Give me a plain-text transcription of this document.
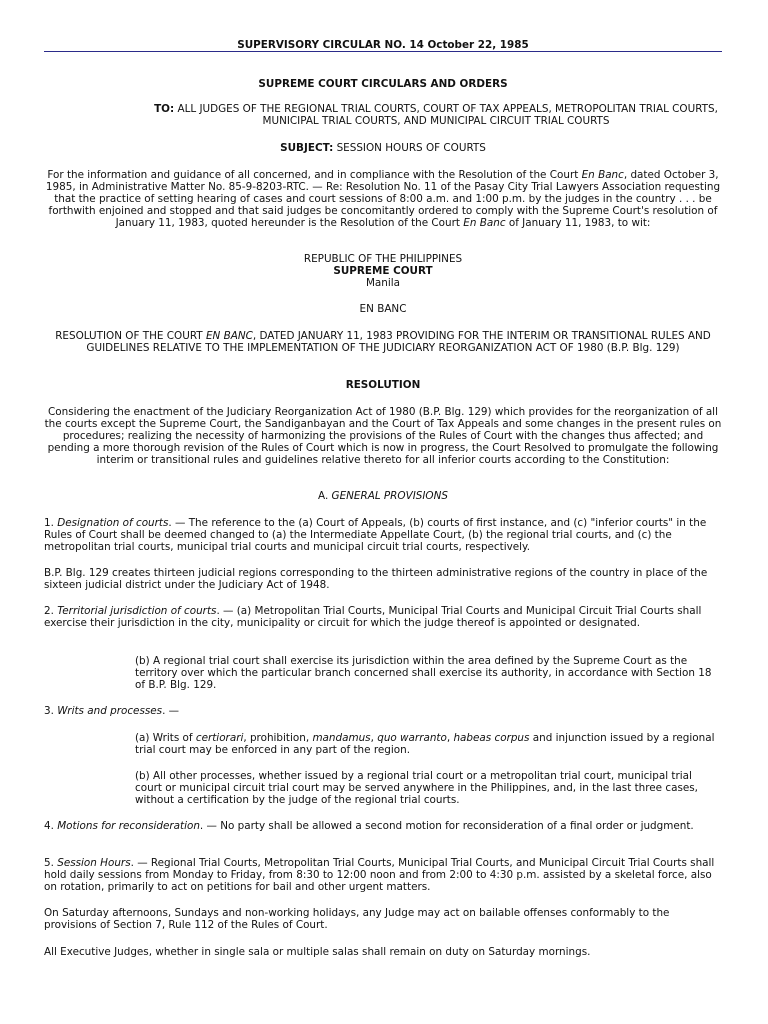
SUPERVISORY CIRCULAR NO. 14 October 22, 1985

SUPREME COURT CIRCULARS AND ORDERS

TO: ALL JUDGES OF THE REGIONAL TRIAL COURTS, COURT OF TAX APPEALS, METROPOLITAN TRIAL COURTS, MUNICIPAL TRIAL COURTS, AND MUNICIPAL CIRCUIT TRIAL COURTS

SUBJECT: SESSION HOURS OF COURTS

For the information and guidance of all concerned, and in compliance with the Resolution of the Court En Banc, dated October 3, 1985, in Administrative Matter No. 85-9-8203-RTC. — Re: Resolution No. 11 of the Pasay City Trial Lawyers Association requesting that the practice of setting hearing of cases and court sessions of 8:00 a.m. and 1:00 p.m. by the judges in the country . . . be forthwith enjoined and stopped and that said judges be concomitantly ordered to comply with the Supreme Court's resolution of January 11, 1983, quoted hereunder is the Resolution of the Court En Banc of January 11, 1983, to wit:

REPUBLIC OF THE PHILIPPINES
SUPREME COURT
Manila

EN BANC

RESOLUTION OF THE COURT EN BANC, DATED JANUARY 11, 1983 PROVIDING FOR THE INTERIM OR TRANSITIONAL RULES AND GUIDELINES RELATIVE TO THE IMPLEMENTATION OF THE JUDICIARY REORGANIZATION ACT OF 1980 (B.P. Blg. 129)

RESOLUTION

Considering the enactment of the Judiciary Reorganization Act of 1980 (B.P. Blg. 129) which provides for the reorganization of all the courts except the Supreme Court, the Sandiganbayan and the Court of Tax Appeals and some changes in the present rules on procedures; realizing the necessity of harmonizing the provisions of the Rules of Court with the changes thus affected; and pending a more thorough revision of the Rules of Court which is now in progress, the Court Resolved to promulgate the following interim or transitional rules and guidelines relative thereto for all inferior courts according to the Constitution:

A. GENERAL PROVISIONS

1. Designation of courts. — The reference to the (a) Court of Appeals, (b) courts of first instance, and (c) "inferior courts" in the Rules of Court shall be deemed changed to (a) the Intermediate Appellate Court, (b) the regional trial courts, and (c) the metropolitan trial courts, municipal trial courts and municipal circuit trial courts, respectively.

B.P. Blg. 129 creates thirteen judicial regions corresponding to the thirteen administrative regions of the country in place of the sixteen judicial district under the Judiciary Act of 1948.

2. Territorial jurisdiction of courts. — (a) Metropolitan Trial Courts, Municipal Trial Courts and Municipal Circuit Trial Courts shall exercise their jurisdiction in the city, municipality or circuit for which the judge thereof is appointed or designated.

(b) A regional trial court shall exercise its jurisdiction within the area defined by the Supreme Court as the territory over which the particular branch concerned shall exercise its authority, in accordance with Section 18 of B.P. Blg. 129.

3. Writs and processes. —

(a) Writs of certiorari, prohibition, mandamus, quo warranto, habeas corpus and injunction issued by a regional trial court may be enforced in any part of the region.

(b) All other processes, whether issued by a regional trial court or a metropolitan trial court, municipal trial court or municipal circuit trial court may be served anywhere in the Philippines, and, in the last three cases, without a certification by the judge of the regional trial courts.

4. Motions for reconsideration. — No party shall be allowed a second motion for reconsideration of a final order or judgment.

5. Session Hours. — Regional Trial Courts, Metropolitan Trial Courts, Municipal Trial Courts, and Municipal Circuit Trial Courts shall hold daily sessions from Monday to Friday, from 8:30 to 12:00 noon and from 2:00 to 4:30 p.m. assisted by a skeletal force, also on rotation, primarily to act on petitions for bail and other urgent matters.

On Saturday afternoons, Sundays and non-working holidays, any Judge may act on bailable offenses conformably to the provisions of Section 7, Rule 112 of the Rules of Court.

All Executive Judges, whether in single sala or multiple salas shall remain on duty on Saturday mornings.
